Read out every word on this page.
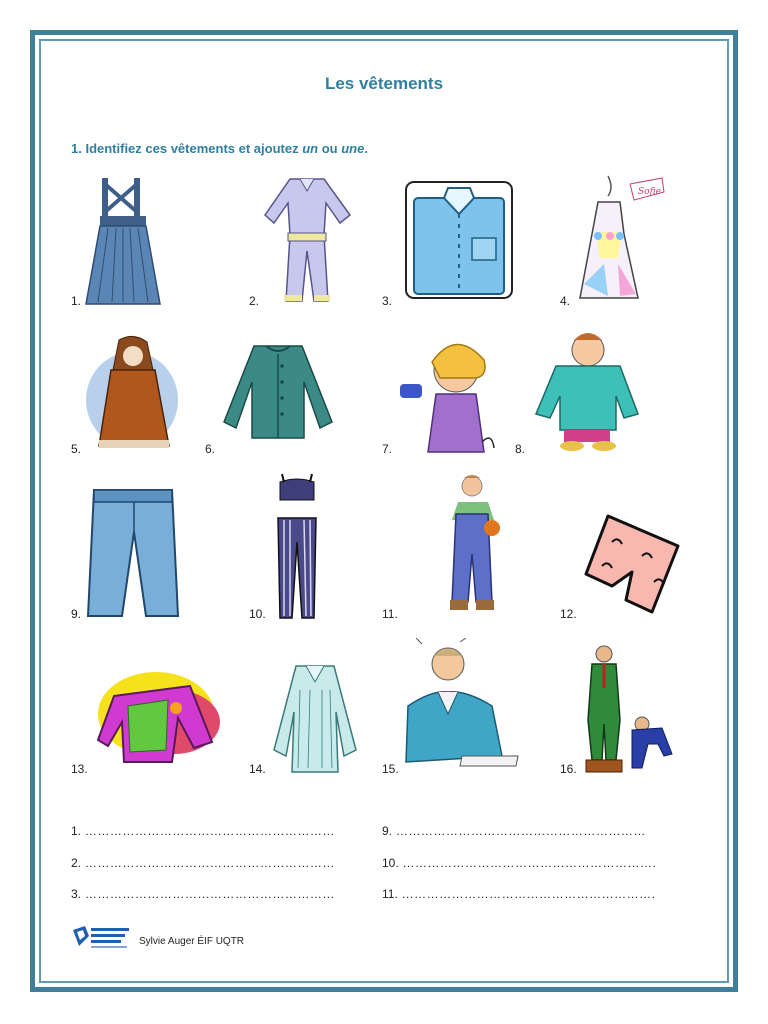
Les vêtements
1. Identifiez ces vêtements et ajoutez un ou une.
1.	2.	3.	4.
Sofie
5.	6.	7.	8.
9.	10.	11.	12.
13.	14.	15.	16.
1. ……………………………………………………
2. ……………………………………………………
3. ……………………………………………………
9. ……………………………………………………
10. …………………………………………………….
11. …………………………………………………….
Sylvie Auger ÉIF UQTR
